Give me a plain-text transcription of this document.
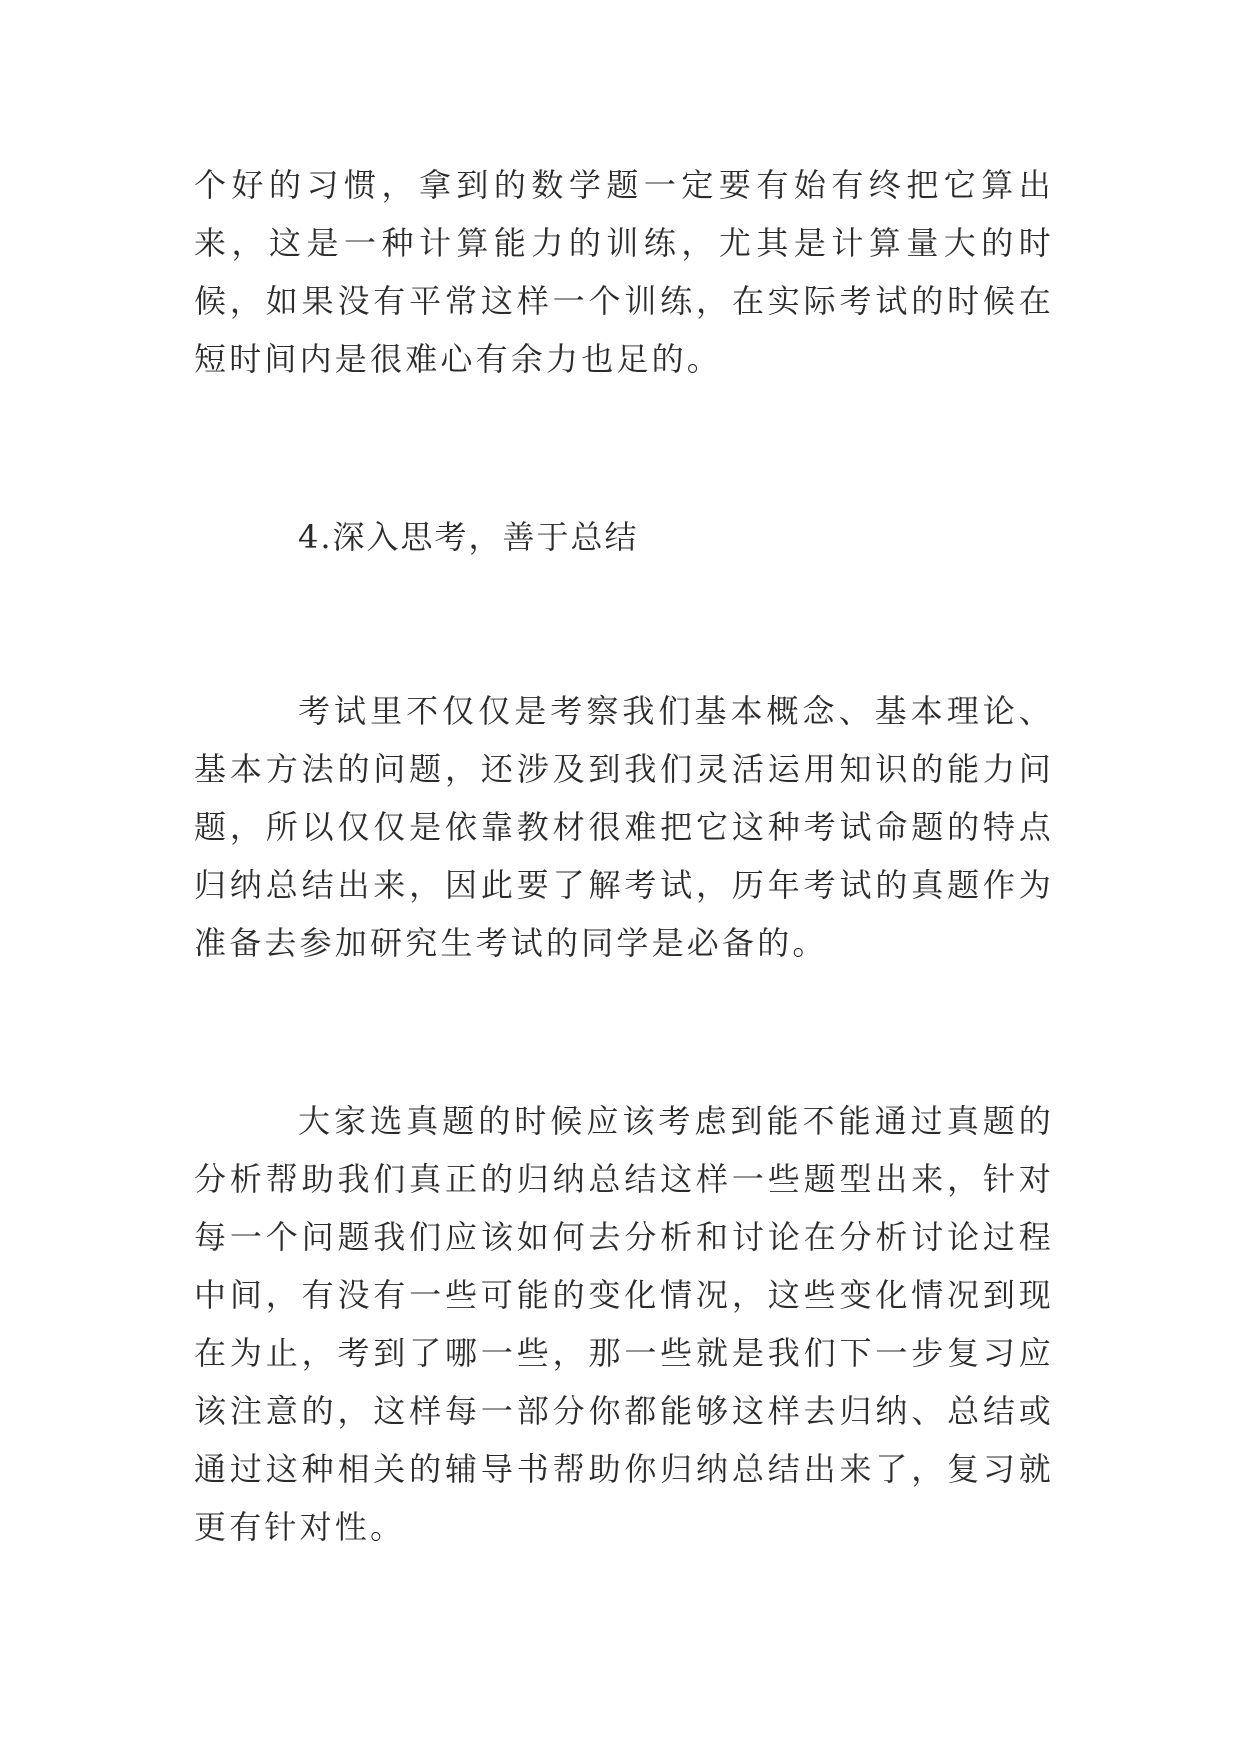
个好的习惯，拿到的数学题一定要有始有终把它算出来，这是一种计算能力的训练，尤其是计算量大的时候，如果没有平常这样一个训练，在实际考试的时候在短时间内是很难心有余力也足的。

4.深入思考，善于总结

考试里不仅仅是考察我们基本概念、基本理论、基本方法的问题，还涉及到我们灵活运用知识的能力问题，所以仅仅是依靠教材很难把它这种考试命题的特点归纳总结出来，因此要了解考试，历年考试的真题作为准备去参加研究生考试的同学是必备的。

大家选真题的时候应该考虑到能不能通过真题的分析帮助我们真正的归纳总结这样一些题型出来，针对每一个问题我们应该如何去分析和讨论在分析讨论过程中间，有没有一些可能的变化情况，这些变化情况到现在为止，考到了哪一些，那一些就是我们下一步复习应该注意的，这样每一部分你都能够这样去归纳、总结或通过这种相关的辅导书帮助你归纳总结出来了，复习就更有针对性。
